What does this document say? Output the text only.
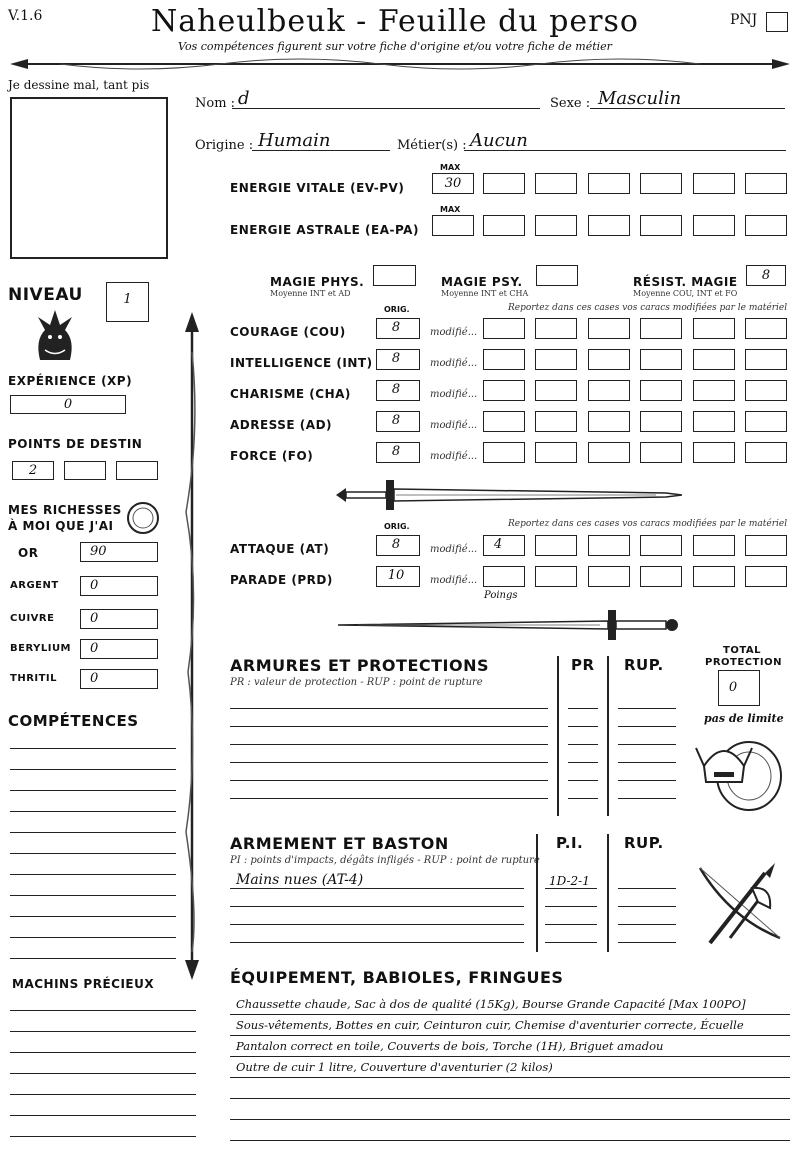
V.1.6	Naheulbeuk - Feuille du perso
Vos compétences figurent sur votre fiche d'origine et/ou votre fiche de métier
PNJ
Je dessine mal, tant pis
Nom : d	Sexe : Masculin
Origine : Humain	Métier(s) : Aucun
MAX
ENERGIE VITALE (EV-PV)	30
MAX
ENERGIE ASTRALE (EA-PA)
MAGIE PHYS.
Moyenne INT et AD
MAGIE PSY.
Moyenne INT et CHA
RÉSIST. MAGIE
Moyenne COU, INT et FO
8
NIVEAU	1
EXPÉRIENCE (XP)
0
POINTS DE DESTIN
2
MES RICHESSES
À MOI QUE J'AI
OR	90
ARGENT 0
CUIVRE	0
BERYLIUM 0
THRITIL	0
COMPÉTENCES
MACHINS PRÉCIEUX
ORIG.	Reportez dans ces cases vos caracs modifiées par le matériel
COURAGE (COU)	8	modifié...
INTELLIGENCE (INT)	8	modifié...
CHARISME (CHA)	8	modifié...
ADRESSE (AD)	8	modifié...
FORCE (FO)	8	modifié...
ORIG.	Reportez dans ces cases vos caracs modifiées par le matériel
ATTAQUE (AT)	8	modifié... 4
PARADE (PRD)	10	modifié...
Poings
ARMURES ET PROTECTIONS
PR : valeur de protection - RUP : point de rupture
PR RUP.
TOTAL
PROTECTION
0
pas de limite
ARMEMENT ET BASTON
PI : points d'impacts, dégâts infligés - RUP : point de rupture
P.I.	RUP.
Mains nues (AT-4)	1D-2-1
ÉQUIPEMENT, BABIOLES, FRINGUES
Chaussette chaude, Sac à dos de qualité (15Kg), Bourse Grande Capacité [Max 100PO]
Sous-vêtements, Bottes en cuir, Ceinturon cuir, Chemise d'aventurier correcte, Écuelle
Pantalon correct en toile, Couverts de bois, Torche (1H), Briguet amadou
Outre de cuir 1 litre, Couverture d'aventurier (2 kilos)
